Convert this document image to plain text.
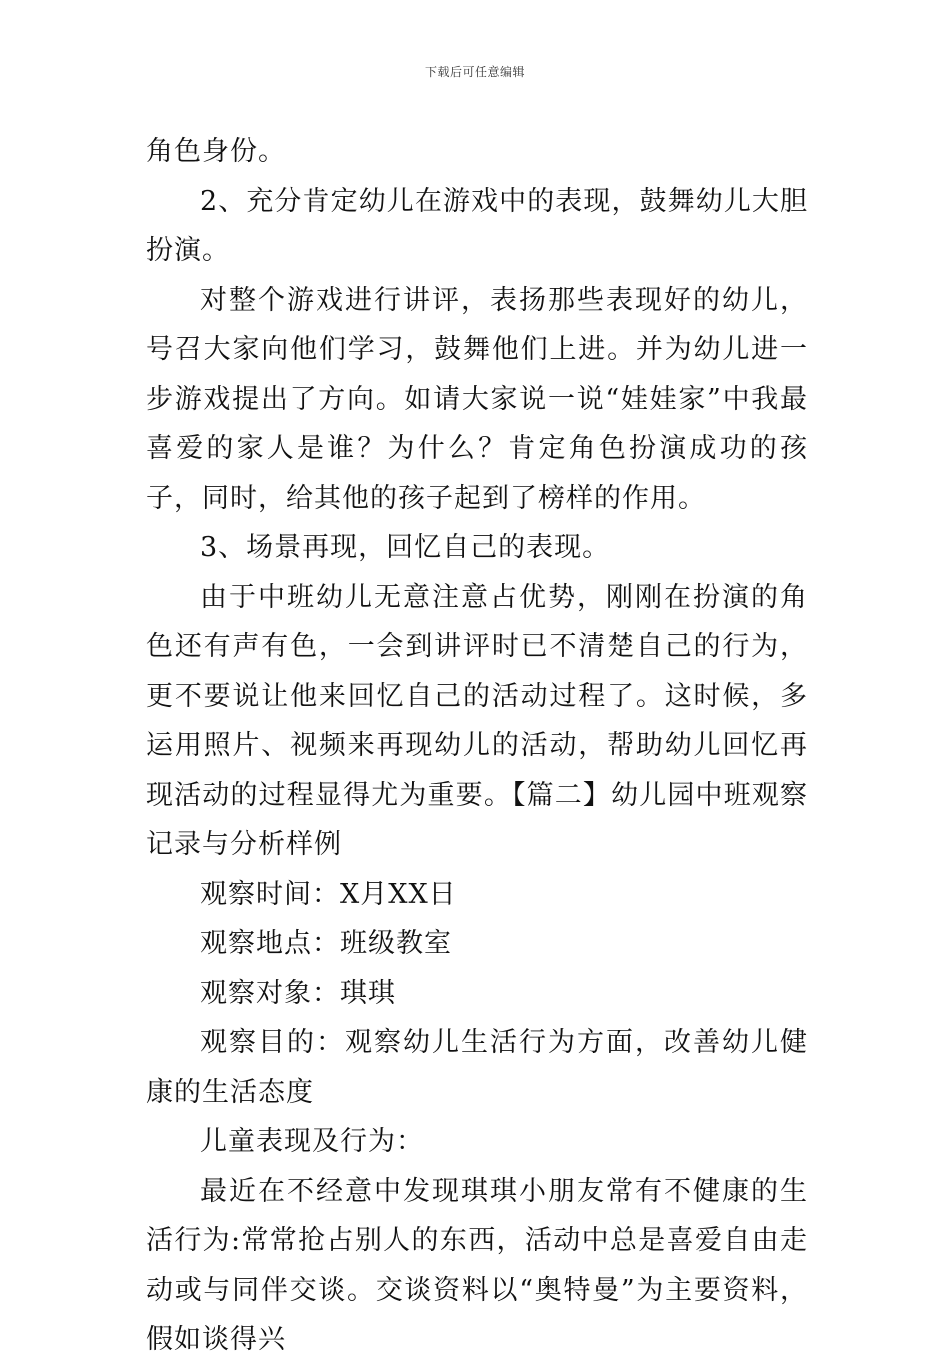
下载后可任意编辑

角色身份。

2、充分肯定幼儿在游戏中的表现，鼓舞幼儿大胆扮演。

对整个游戏进行讲评，表扬那些表现好的幼儿，号召大家向他们学习，鼓舞他们上进。并为幼儿进一步游戏提出了方向。如请大家说一说“娃娃家”中我最喜爱的家人是谁？为什么？肯定角色扮演成功的孩子，同时，给其他的孩子起到了榜样的作用。

3、场景再现，回忆自己的表现。

由于中班幼儿无意注意占优势，刚刚在扮演的角色还有声有色，一会到讲评时已不清楚自己的行为，更不要说让他来回忆自己的活动过程了。这时候，多运用照片、视频来再现幼儿的活动，帮助幼儿回忆再现活动的过程显得尤为重要。【篇二】幼儿园中班观察记录与分析样例

观察时间：X月XX日

观察地点：班级教室

观察对象：琪琪

观察目的：观察幼儿生活行为方面，改善幼儿健康的生活态度

儿童表现及行为：

最近在不经意中发现琪琪小朋友常有不健康的生活行为:常常抢占别人的东西，活动中总是喜爱自由走动或与同伴交谈。交谈资料以“奥特曼”为主要资料，假如谈得兴
